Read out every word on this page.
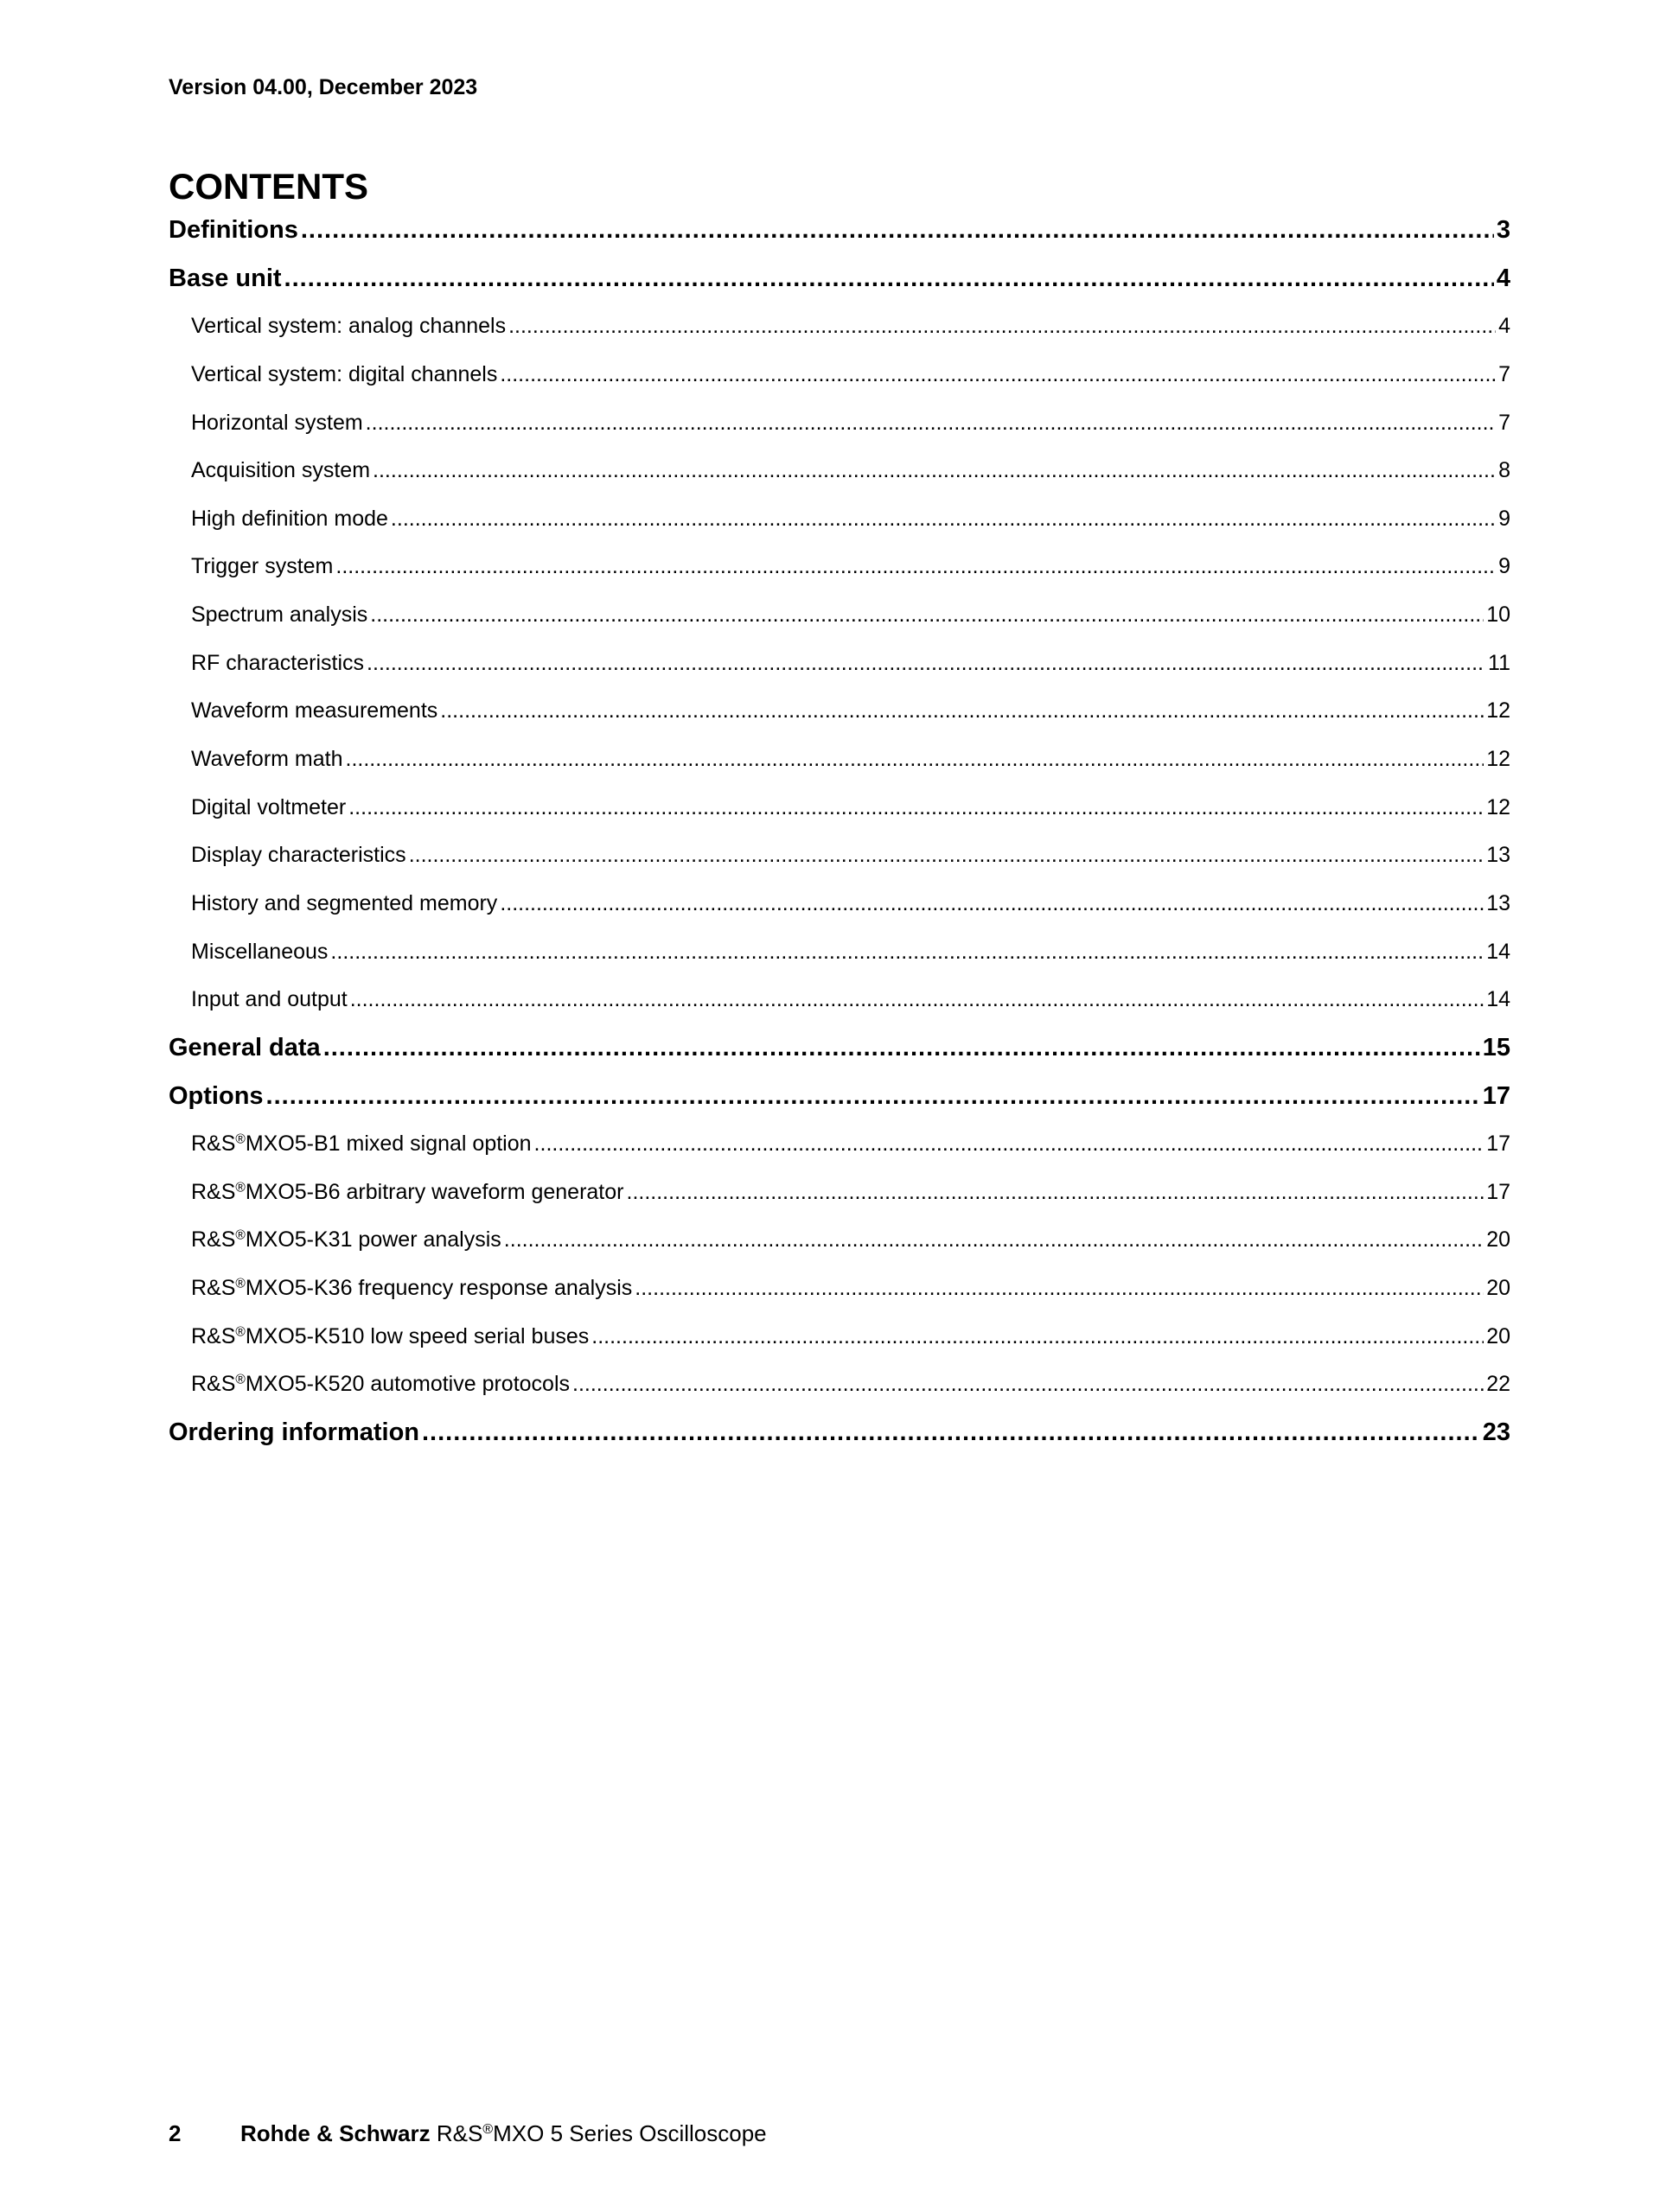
Version 04.00, December 2023
CONTENTS
Definitions .....	3
Base unit .....	4
Vertical system: analog channels .....	4
Vertical system: digital channels .....	7
Horizontal system .....	7
Acquisition system .....	8
High definition mode .....	9
Trigger system .....	9
Spectrum analysis .....	10
RF characteristics .....	11
Waveform measurements .....	12
Waveform math .....	12
Digital voltmeter .....	12
Display characteristics .....	13
History and segmented memory .....	13
Miscellaneous .....	14
Input and output .....	14
General data .....	15
Options .....	17
R&S®MXO5-B1 mixed signal option .....	17
R&S®MXO5-B6 arbitrary waveform generator .....	17
R&S®MXO5-K31 power analysis .....	20
R&S®MXO5-K36 frequency response analysis .....	20
R&S®MXO5-K510 low speed serial buses .....	20
R&S®MXO5-K520 automotive protocols .....	22
Ordering information .....	23
2	Rohde & Schwarz R&S®MXO 5 Series Oscilloscope
